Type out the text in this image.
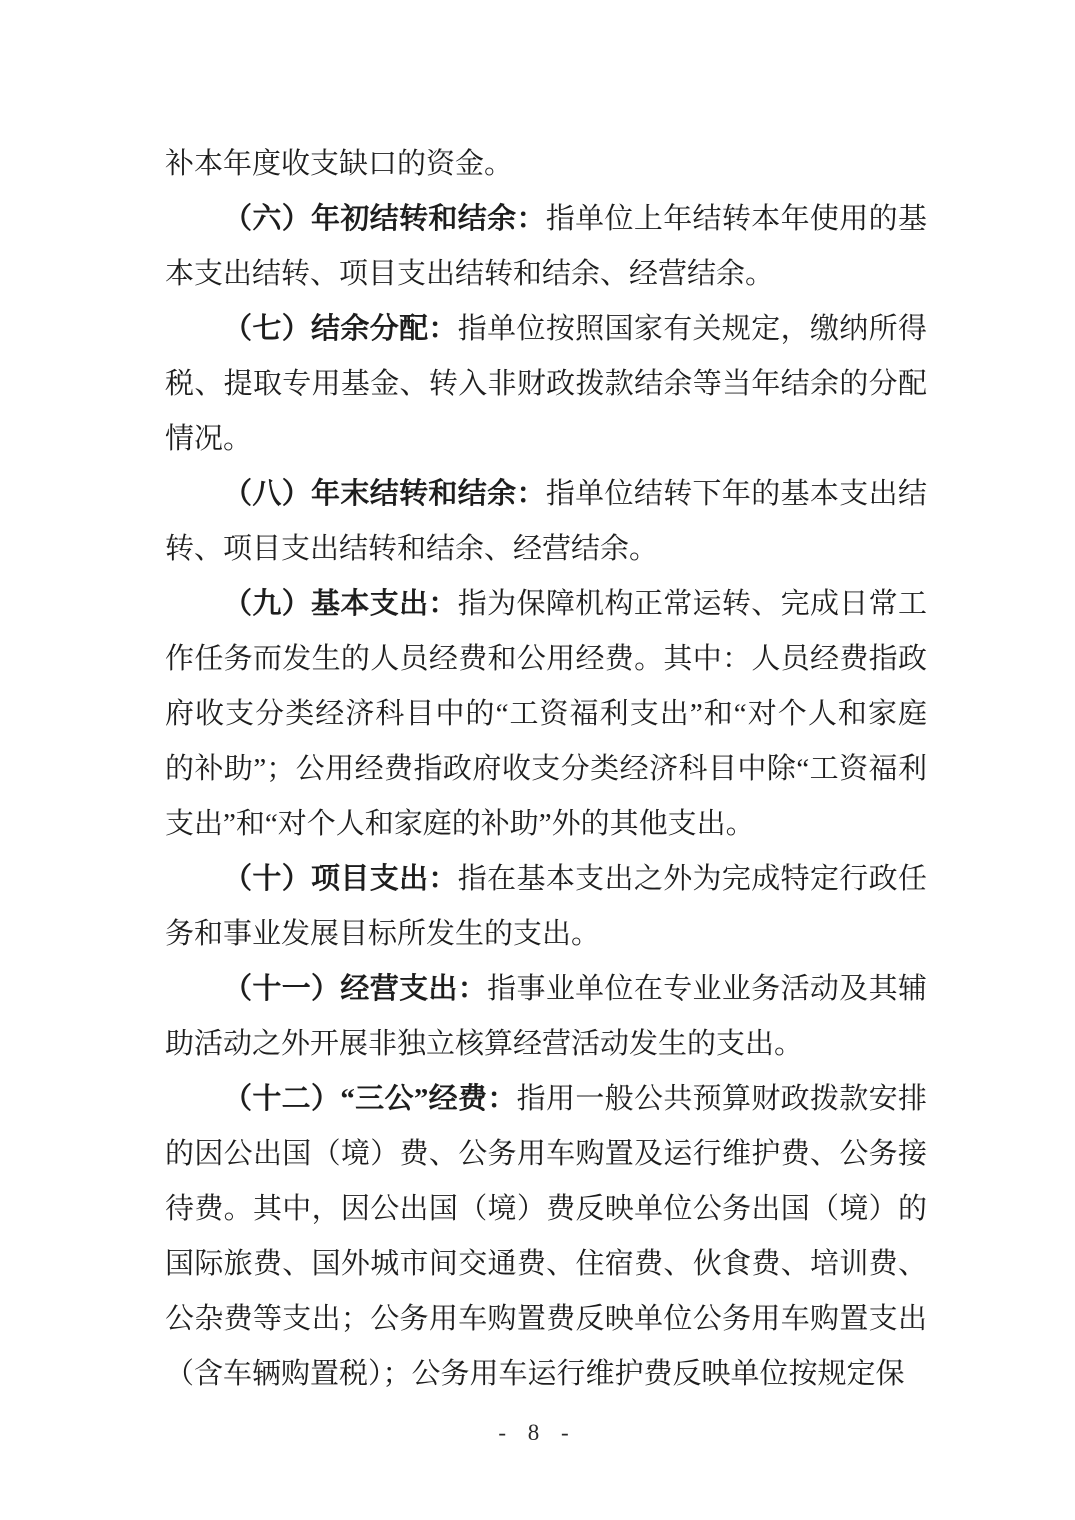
补本年度收支缺口的资金。

（六）年初结转和结余：指单位上年结转本年使用的基本支出结转、项目支出结转和结余、经营结余。

（七）结余分配：指单位按照国家有关规定，缴纳所得税、提取专用基金、转入非财政拨款结余等当年结余的分配情况。

（八）年末结转和结余：指单位结转下年的基本支出结转、项目支出结转和结余、经营结余。

（九）基本支出：指为保障机构正常运转、完成日常工作任务而发生的人员经费和公用经费。其中：人员经费指政府收支分类经济科目中的“工资福利支出”和“对个人和家庭的补助”；公用经费指政府收支分类经济科目中除“工资福利支出”和“对个人和家庭的补助”外的其他支出。

（十）项目支出：指在基本支出之外为完成特定行政任务和事业发展目标所发生的支出。

（十一）经营支出：指事业单位在专业业务活动及其辅助活动之外开展非独立核算经营活动发生的支出。

（十二）“三公”经费：指用一般公共预算财政拨款安排的因公出国（境）费、公务用车购置及运行维护费、公务接待费。其中，因公出国（境）费反映单位公务出国（境）的国际旅费、国外城市间交通费、住宿费、伙食费、培训费、公杂费等支出；公务用车购置费反映单位公务用车购置支出（含车辆购置税）；公务用车运行维护费反映单位按规定保

- 8 -
